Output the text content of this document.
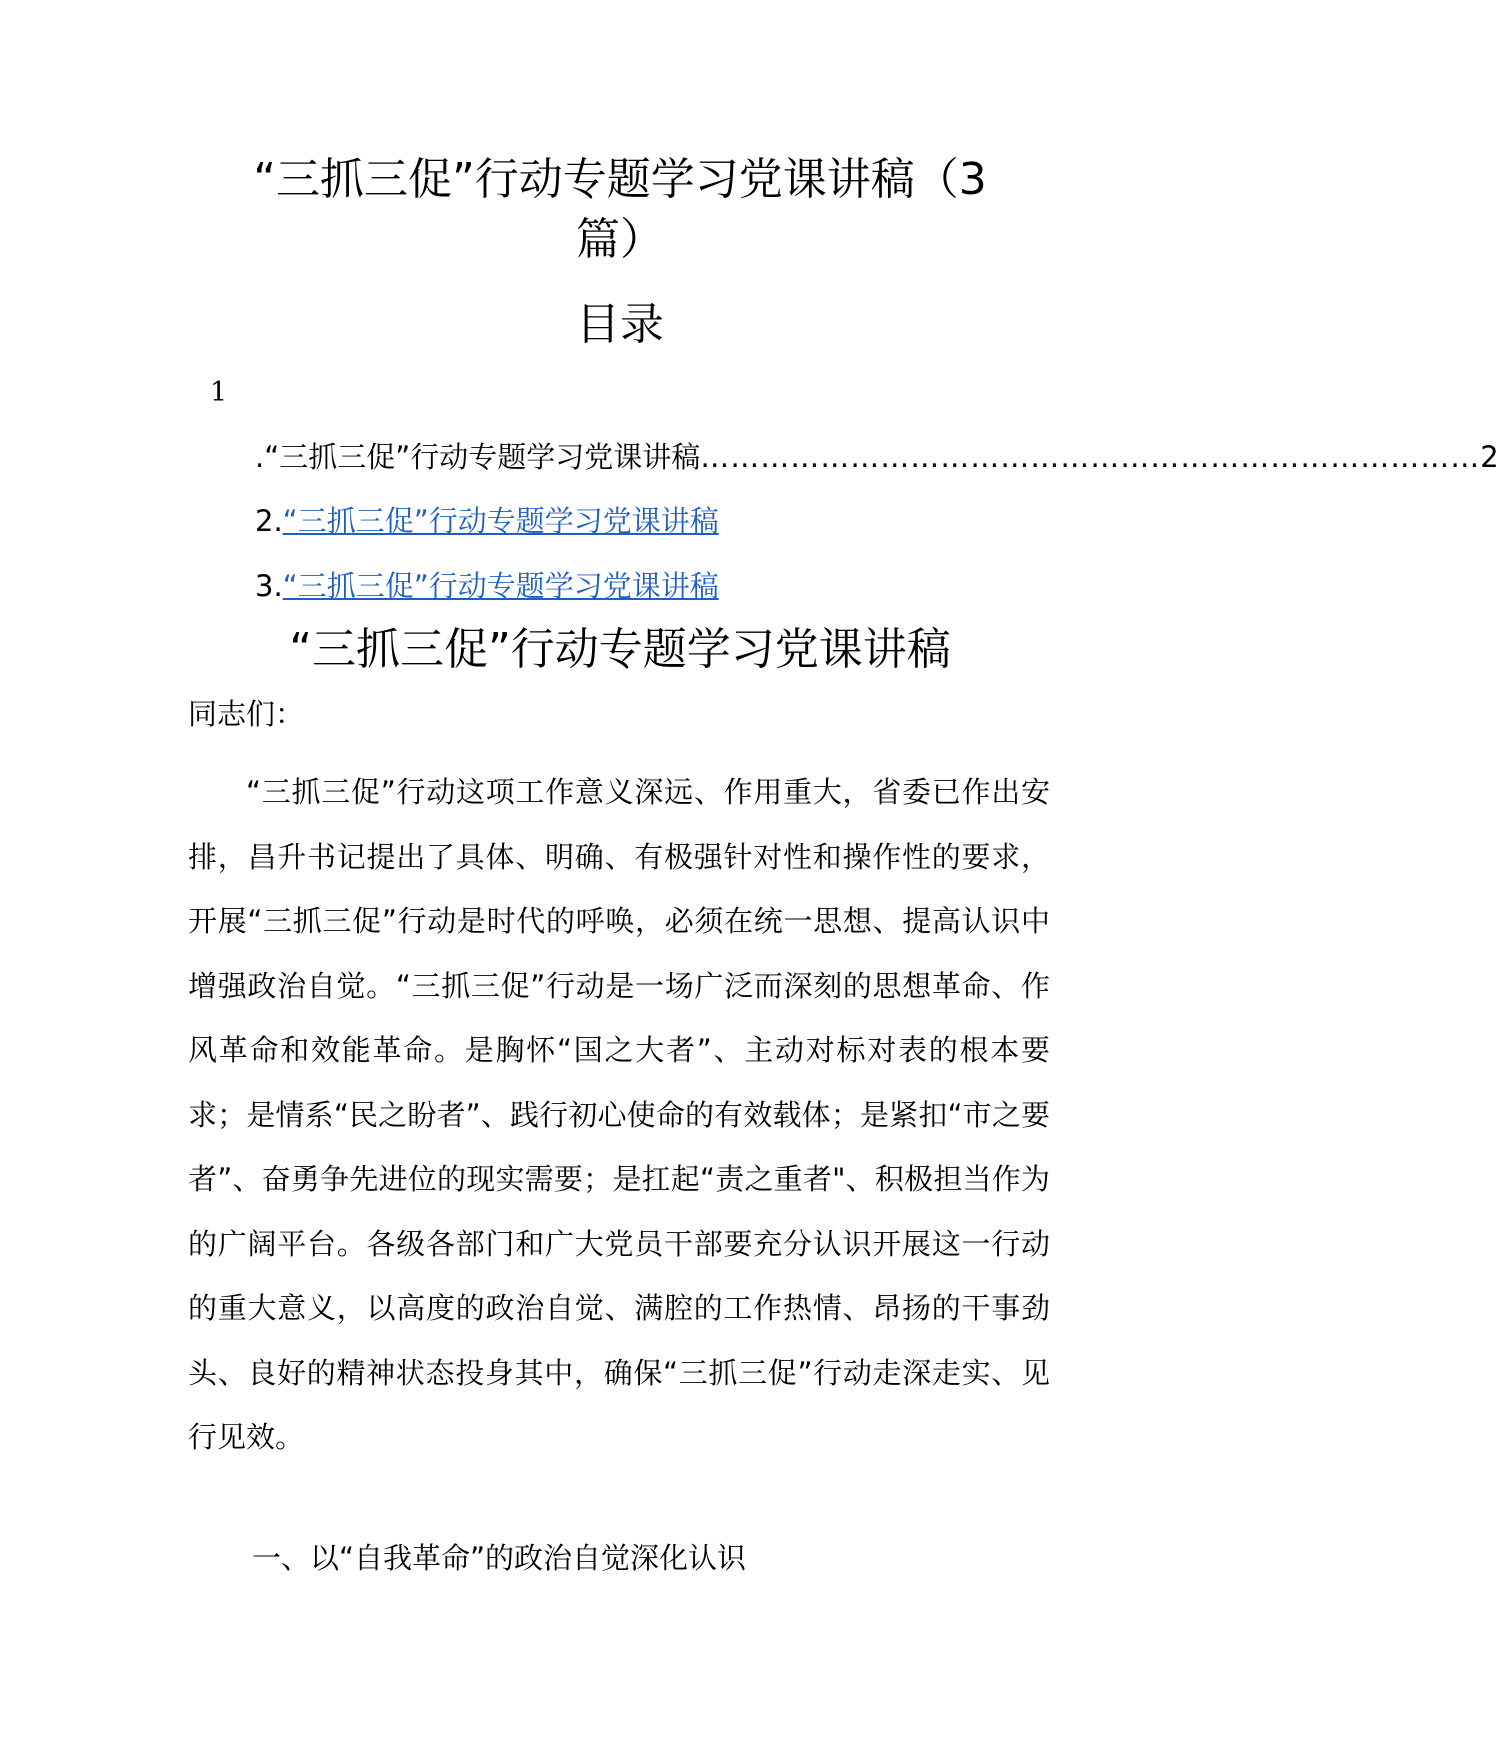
“三抓三促”行动专题学习党课讲稿（3
篇）
目录
1
.“三抓三促”行动专题学习党课讲稿 …………………………………………………………………… 2
2.“三抓三促”行动专题学习党课讲稿
3.“三抓三促”行动专题学习党课讲稿
“三抓三促”行动专题学习党课讲稿
同志们：

“三抓三促”行动这项工作意义深远、作用重大，省委已作出安排，昌升书记提出了具体、明确、有极强针对性和操作性的要求，开展“三抓三促”行动是时代的呼唤，必须在统一思想、提高认识中增强政治自觉。“三抓三促”行动是一场广泛而深刻的思想革命、作风革命和效能革命。是胸怀“国之大者”、主动对标对表的根本要求；是情系“民之盼者”、践行初心使命的有效载体；是紧扣“市之要者”、奋勇争先进位的现实需要；是扛起“责之重者"、积极担当作为的广阔平台。各级各部门和广大党员干部要充分认识开展这一行动的重大意义，以高度的政治自觉、满腔的工作热情、昂扬的干事劲头、良好的精神状态投身其中，确保“三抓三促”行动走深走实、见行见效。

一、以“自我革命”的政治自觉深化认识
